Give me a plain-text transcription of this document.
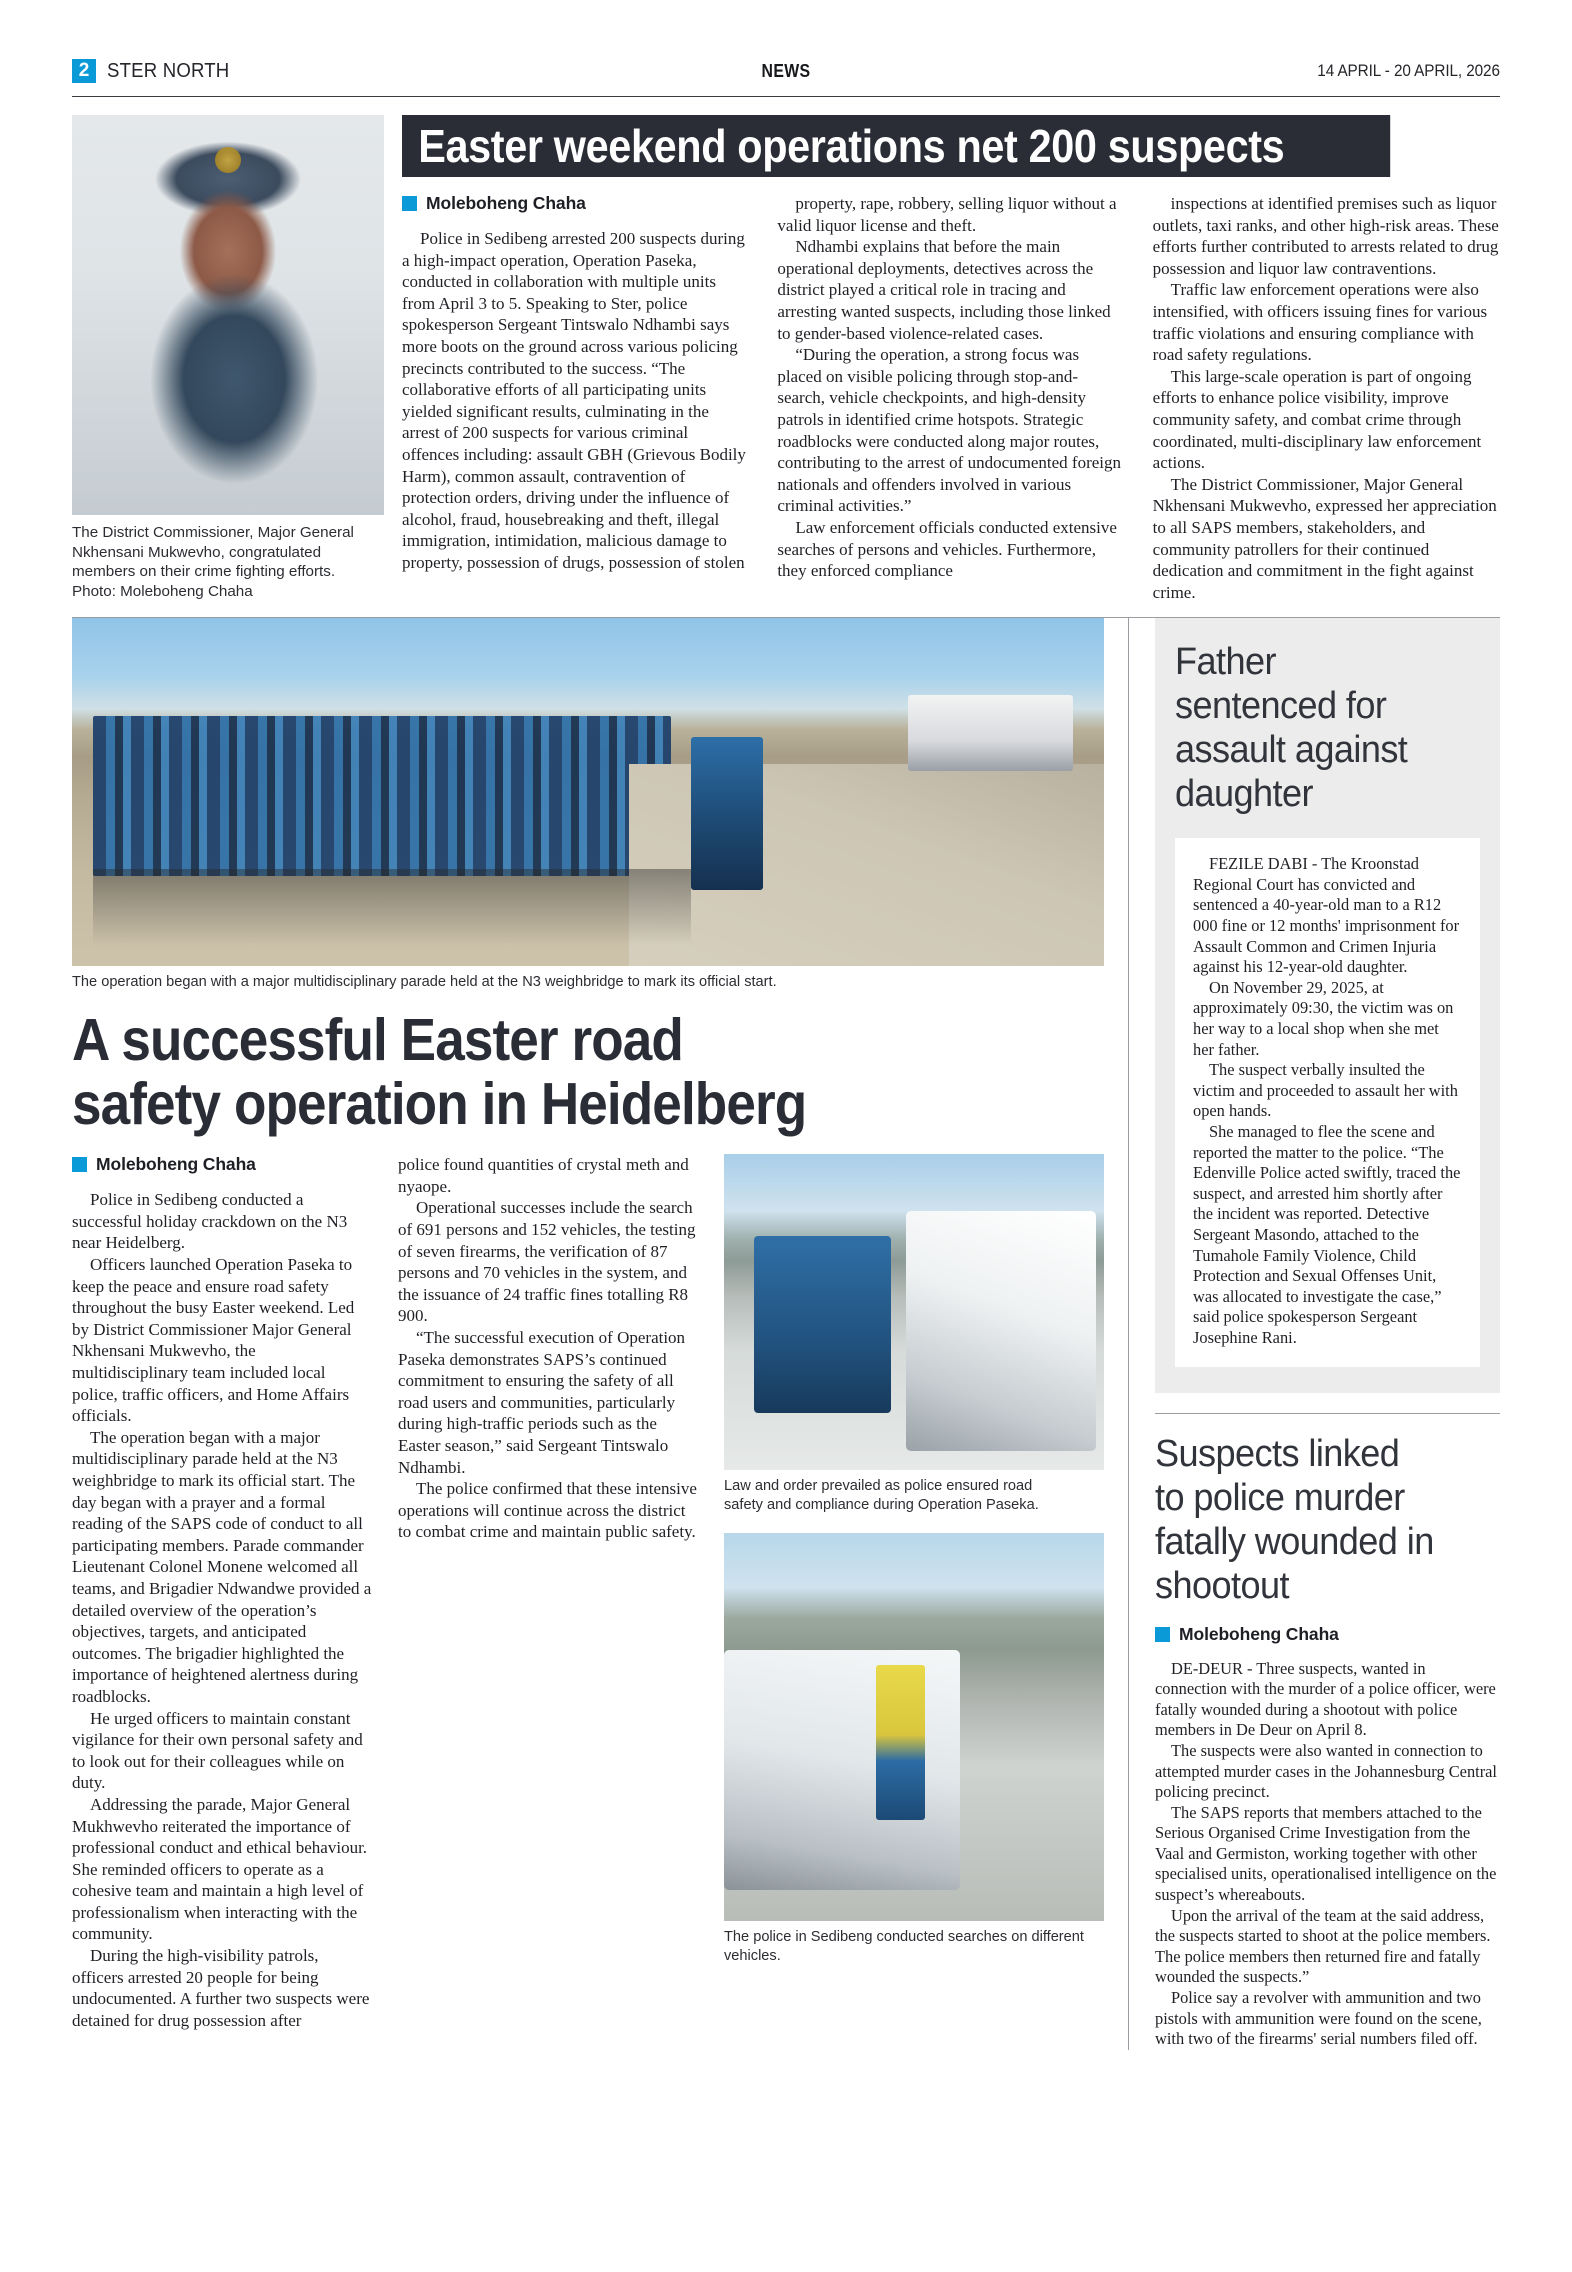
2 STER NORTH	NEWS	14 APRIL - 20 APRIL, 2026
The District Commissioner, Major General
Nkhensani Mukwevho, congratulated
members on their crime fighting efforts.
Photo: Moleboheng Chaha
Easter weekend operations net 200 suspects
Moleboheng Chaha

Police in Sedibeng arrested 200 suspects during a high-impact operation, Operation Paseka, conducted in collaboration with multiple units from April 3 to 5. Speaking to Ster, police spokesperson Sergeant Tintswalo Ndhambi says more boots on the ground across various policing precincts contributed to the success. “The collaborative efforts of all participating units yielded significant results, culminating in the arrest of 200 suspects for various criminal offences including: assault GBH (Grievous Bodily Harm), common assault, contravention of protection orders, driving under the influence of alcohol, fraud, housebreaking and theft, illegal immigration, intimidation, malicious damage to property, possession of drugs, possession of stolen

property, rape, robbery, selling liquor without a valid liquor license and theft.

Ndhambi explains that before the main operational deployments, detectives across the district played a critical role in tracing and arresting wanted suspects, including those linked to gender-based violence-related cases.

“During the operation, a strong focus was placed on visible policing through stop-and-search, vehicle checkpoints, and high-density patrols in identified crime hotspots. Strategic roadblocks were conducted along major routes, contributing to the arrest of undocumented foreign nationals and offenders involved in various criminal activities.”

Law enforcement officials conducted extensive searches of persons and vehicles. Furthermore, they enforced compliance

inspections at identified premises such as liquor outlets, taxi ranks, and other high-risk areas. These efforts further contributed to arrests related to drug possession and liquor law contraventions.

Traffic law enforcement operations were also intensified, with officers issuing fines for various traffic violations and ensuring compliance with road safety regulations.

This large-scale operation is part of ongoing efforts to enhance police visibility, improve community safety, and combat crime through coordinated, multi-disciplinary law enforcement actions.

The District Commissioner, Major General Nkhensani Mukwevho, expressed her appreciation to all SAPS members, stakeholders, and community patrollers for their continued dedication and commitment in the fight against crime.

The operation began with a major multidisciplinary parade held at the N3 weighbridge to mark its official start.
A successful Easter road
safety operation in Heidelberg
Moleboheng Chaha

Police in Sedibeng conducted a successful holiday crackdown on the N3 near Heidelberg.

Officers launched Operation Paseka to keep the peace and ensure road safety throughout the busy Easter weekend. Led by District Commissioner Major General Nkhensani Mukwevho, the multidisciplinary team included local police, traffic officers, and Home Affairs officials.

The operation began with a major multidisciplinary parade held at the N3 weighbridge to mark its official start. The day began with a prayer and a formal reading of the SAPS code of conduct to all participating members. Parade commander Lieutenant Colonel Monene welcomed all teams, and Brigadier Ndwandwe provided a detailed overview of the operation’s objectives, targets, and anticipated outcomes. The brigadier highlighted the importance of heightened alertness during roadblocks.

He urged officers to maintain constant vigilance for their own personal safety and to look out for their colleagues while on duty.

Addressing the parade, Major General Mukhwevho reiterated the importance of professional conduct and ethical behaviour. She reminded officers to operate as a cohesive team and maintain a high level of professionalism when interacting with the community.

During the high-visibility patrols, officers arrested 20 people for being undocumented. A further two suspects were detained for drug possession after

police found quantities of crystal meth and nyaope.

Operational successes include the search of 691 persons and 152 vehicles, the testing of seven firearms, the verification of 87 persons and 70 vehicles in the system, and the issuance of 24 traffic fines totalling R8 900.

“The successful execution of Operation Paseka demonstrates SAPS’s continued commitment to ensuring the safety of all road users and communities, particularly during high-traffic periods such as the Easter season,” said Sergeant Tintswalo Ndhambi.

The police confirmed that these intensive operations will continue across the district to combat crime and maintain public safety.

Law and order prevailed as police ensured road
safety and compliance during Operation Paseka.
The police in Sedibeng conducted searches on different vehicles.
Father
sentenced for
assault against
daughter

FEZILE DABI - The Kroonstad Regional Court has convicted and sentenced a 40-year-old man to a R12 000 fine or 12 months' imprisonment for Assault Common and Crimen Injuria against his 12-year-old daughter.

On November 29, 2025, at approximately 09:30, the victim was on her way to a local shop when she met her father.

The suspect verbally insulted the victim and proceeded to assault her with open hands.

She managed to flee the scene and reported the matter to the police. “The Edenville Police acted swiftly, traced the suspect, and arrested him shortly after the incident was reported. Detective Sergeant Masondo, attached to the Tumahole Family Violence, Child Protection and Sexual Offenses Unit, was allocated to investigate the case,” said police spokesperson Sergeant Josephine Rani.

Suspects linked
to police murder
fatally wounded in
shootout
Moleboheng Chaha

DE-DEUR - Three suspects, wanted in connection with the murder of a police officer, were fatally wounded during a shootout with police members in De Deur on April 8.

The suspects were also wanted in connection to attempted murder cases in the Johannesburg Central policing precinct.

The SAPS reports that members attached to the Serious Organised Crime Investigation from the Vaal and Germiston, working together with other specialised units, operationalised intelligence on the suspect’s whereabouts.

Upon the arrival of the team at the said address, the suspects started to shoot at the police members. The police members then returned fire and fatally wounded the suspects.”

Police say a revolver with ammunition and two pistols with ammunition were found on the scene, with two of the firearms' serial numbers filed off.
